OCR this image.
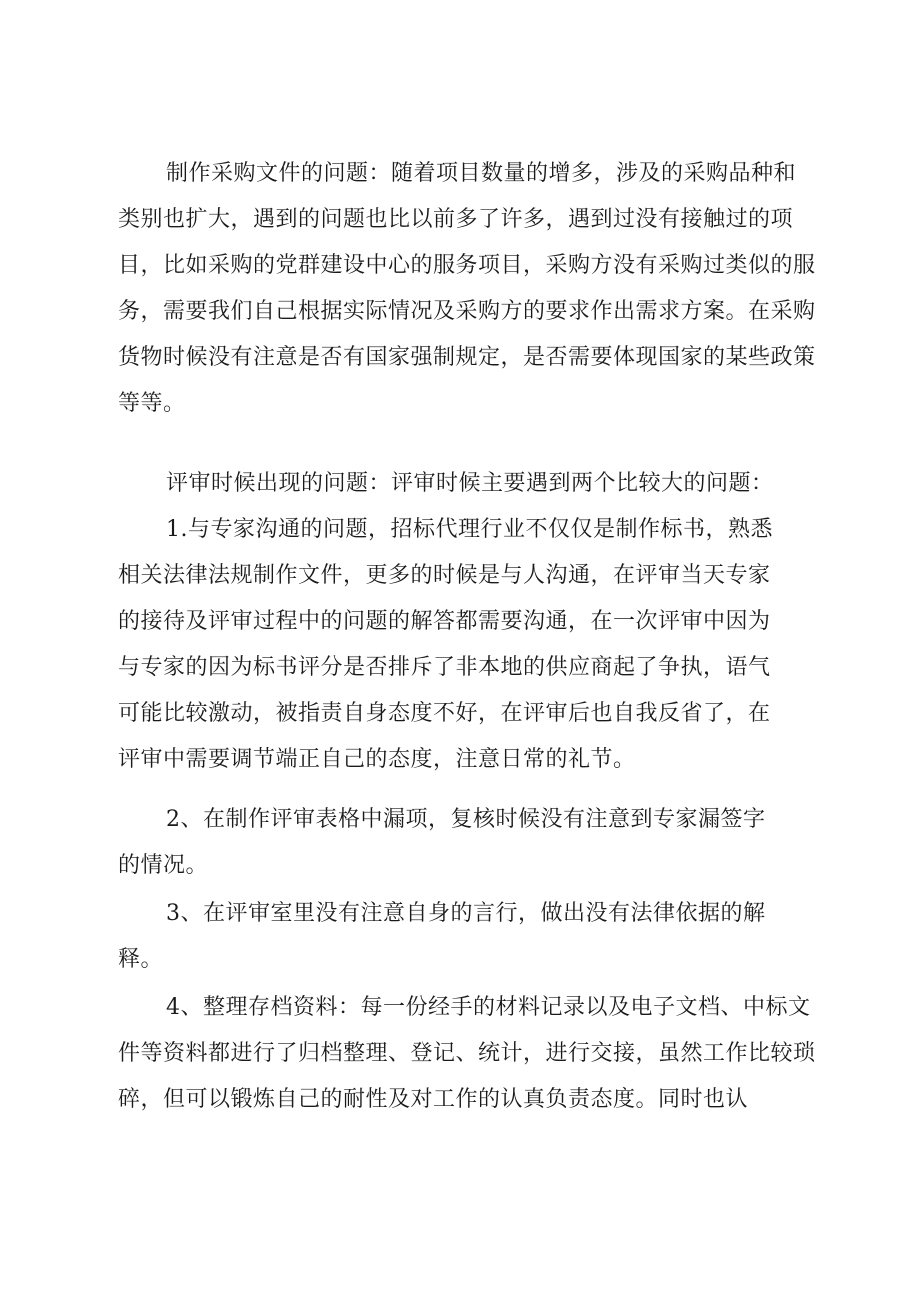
制作采购文件的问题：随着项目数量的增多，涉及的采购品种和类别也扩大，遇到的问题也比以前多了许多，遇到过没有接触过的项目，比如采购的党群建设中心的服务项目，采购方没有采购过类似的服务，需要我们自己根据实际情况及采购方的要求作出需求方案。在采购货物时候没有注意是否有国家强制规定，是否需要体现国家的某些政策等等。

评审时候出现的问题：评审时候主要遇到两个比较大的问题：

1.与专家沟通的问题，招标代理行业不仅仅是制作标书，熟悉相关法律法规制作文件，更多的时候是与人沟通，在评审当天专家的接待及评审过程中的问题的解答都需要沟通，在一次评审中因为与专家的因为标书评分是否排斥了非本地的供应商起了争执，语气可能比较激动，被指责自身态度不好，在评审后也自我反省了，在评审中需要调节端正自己的态度，注意日常的礼节。

2、在制作评审表格中漏项，复核时候没有注意到专家漏签字的情况。

3、在评审室里没有注意自身的言行，做出没有法律依据的解释。

4、整理存档资料：每一份经手的材料记录以及电子文档、中标文件等资料都进行了归档整理、登记、统计，进行交接，虽然工作比较琐碎，但可以锻炼自己的耐性及对工作的认真负责态度。同时也认
